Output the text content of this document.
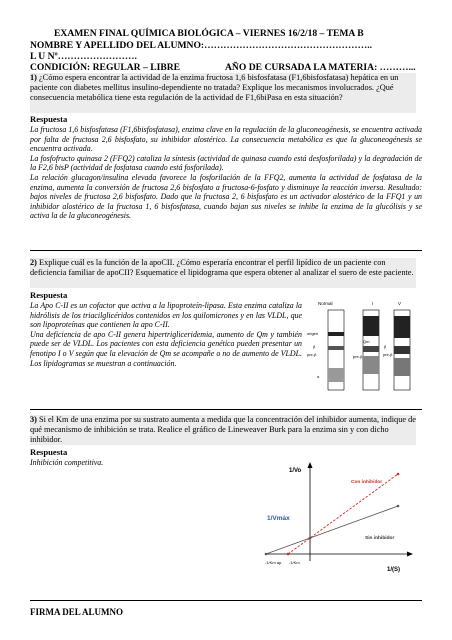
EXAMEN FINAL QUÍMICA BIOLÓGICA – VIERNES 16/2/18 – TEMA B
NOMBRE Y APELLIDO DEL ALUMNO:……………………………………………..
L U Nº…………………….
CONDICIÓN: REGULAR – LIBRE	AÑO DE CURSADA LA MATERIA: ………...
1) ¿Cómo espera encontrar la actividad de la enzima fructosa 1,6 bisfosfatasa (F1,6bisfosfatasa) hepática en un paciente con diabetes mellitus insulino-dependiente no tratada? Explique los mecanismos involucrados. ¿Qué consecuencia metabólica tiene esta regulación de la actividad de F1,6biPasa en esta situación?
Respuesta

La fructosa 1,6 bisfosfatasa (F1,6bisfosfatasa), enzima clave en la regulación de la gluconeogénesis, se encuentra activada por falta de fructosa 2,6 bisfosfato, su inhibidor alostérico. La consecuencia metabólica es que la gluconeogénesis se encuentra activada.

La fosfofructo quinasa 2 (FFQ2) cataliza la síntesis (actividad de quinasa cuando está desfosforilada) y la degradación de la F2,6 bisP (actividad de fosfatasa cuando está fosforilada).

La relación glucagon/insulina elevada favorece la fosforilación de la FFQ2, aumenta la actividad de fosfatasa de la enzima, aumenta la conversión de fructosa 2,6 bisfosfato a fructosa-6-fosfato y disminuye la reacción inversa. Resultado: bajos niveles de fructosa 2,6 bisfosfato. Dado que la fructosa 2, 6 bisfosfato es un activador alostérico de la FFQ1 y un inhibidor alostérico de la fructosa 1, 6 bisfosfatasa, cuando bajan sus niveles se inhibe la enzima de la glucólisis y se activa la de la gluconeogénesis.

2) Explique cuál es la función de la apoCII. ¿Cómo esperaría encontrar el perfil lipídico de un paciente con deficiencia familiar de apoCII? Esquematice el lipidograma que espera obtener al analizar el suero de este paciente.
Respuesta

La Apo C-II es un cofactor que activa a la lipoproteín-lipasa. Esta enzima cataliza la hidrólisis de los triacilglicéridos contenidos en los quilomicrones y en las VLDL, que son lipoproteínas que contienen la apo C-II.

Una deficiencia de apo C-II genera hipertrigliceridemia, aumento de Qm y también puede ser de VLDL. Los pacientes con esta deficiencia genética pueden presentar un fenotipo I o V según que la elevación de Qm se acompañe o no de aumento de VLDL. Los lipidogramas se muestran a continuación.

Normal	I	V
origen
β
pre-β
α
Qm
pre-β
β
pre-β
3) Si el Km de una enzima por su sustrato aumenta a medida que la concentración del inhibidor aumenta, indique de qué mecanismo de inhibición se trata. Realice el gráfico de Lineweaver Burk para la enzima sin y con dicho inhibidor.
Respuesta
Inhibición competitiva.
1/Vo
1/(S)
1/Vmáx
-1/Km ap. -1/Km
Con inhibidor
Sin inhibidor
FIRMA DEL ALUMNO
